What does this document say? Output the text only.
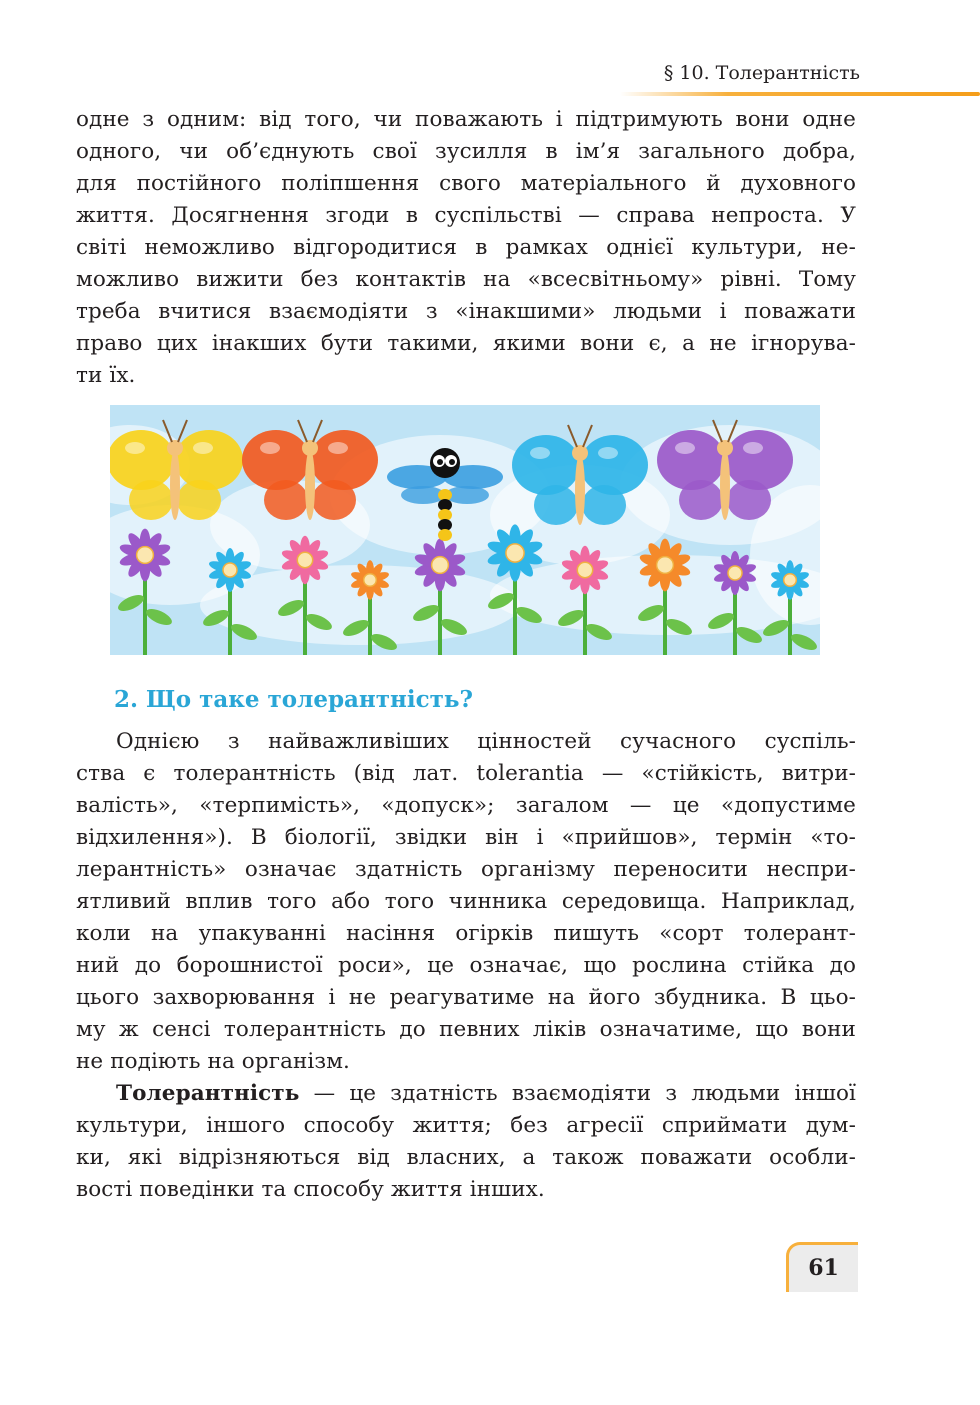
§ 10. Толерантність
одне з одним: від того, чи поважають і підтримують вони одне
одного, чи об’єднують свої зусилля в ім’я загального добра,
для постійного поліпшення свого матеріального й духовного
життя. Досягнення згоди в суспільстві — справа непроста. У
світі неможливо відгородитися в рамках однієї культури, не-
можливо вижити без контактів на «всесвітньому» рівні. Тому
треба вчитися взаємодіяти з «інакшими» людьми і поважати
право цих інакших бути такими, якими вони є, а не ігнорува-
ти їх.
2. Що таке толерантність?
Однією з найважливіших цінностей сучасного суспіль-
ства є толерантність (від лат. tolerantia — «стійкість, витри-
валість», «терпимість», «допуск»; загалом — це «допустиме
відхилення»). В біології, звідки він і «прийшов», термін «то-
лерантність» означає здатність організму переносити неспри-
ятливий вплив того або того чинника середовища. Наприклад,
коли на упакуванні насіння огірків пишуть «сорт толерант-
ний до борошнистої роси», це означає, що рослина стійка до
цього захворювання і не реагуватиме на його збудника. В цьо-
му ж сенсі толерантність до певних ліків означатиме, що вони
не подіють на організм.
Толерантність — це здатність взаємодіяти з людьми іншої
культури, іншого способу життя; без агресії сприймати дум-
ки, які відрізняються від власних, а також поважати особли-
вості поведінки та способу життя інших.
61
